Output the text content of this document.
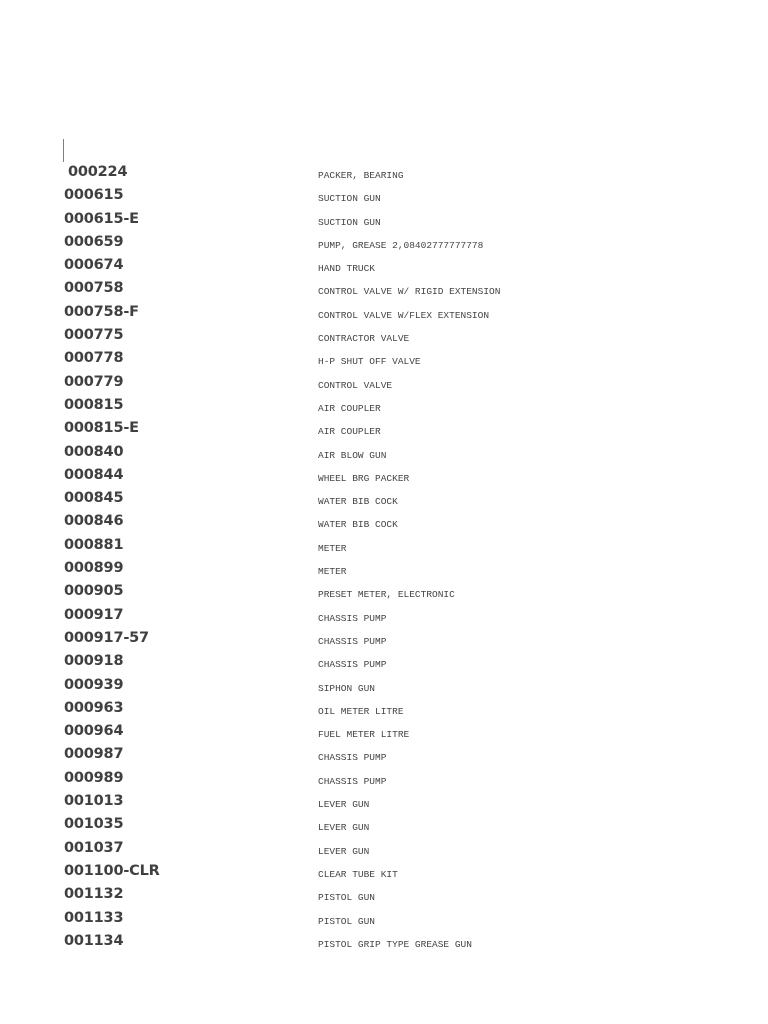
000224	PACKER, BEARING
000615	SUCTION GUN
000615-E	SUCTION GUN
000659	PUMP, GREASE 2,08402777777778
000674	HAND TRUCK
000758	CONTROL VALVE W/ RIGID EXTENSION
000758-F	CONTROL VALVE W/FLEX EXTENSION
000775	CONTRACTOR VALVE
000778	H-P SHUT OFF VALVE
000779	CONTROL VALVE
000815	AIR COUPLER
000815-E	AIR COUPLER
000840	AIR BLOW GUN
000844	WHEEL BRG PACKER
000845	WATER BIB COCK
000846	WATER BIB COCK
000881	METER
000899	METER
000905	PRESET METER, ELECTRONIC
000917	CHASSIS PUMP
000917-57	CHASSIS PUMP
000918	CHASSIS PUMP
000939	SIPHON GUN
000963	OIL METER LITRE
000964	FUEL METER LITRE
000987	CHASSIS PUMP
000989	CHASSIS PUMP
001013	LEVER GUN
001035	LEVER GUN
001037	LEVER GUN
001100-CLR	CLEAR TUBE KIT
001132	PISTOL GUN
001133	PISTOL GUN
001134	PISTOL GRIP TYPE GREASE GUN
